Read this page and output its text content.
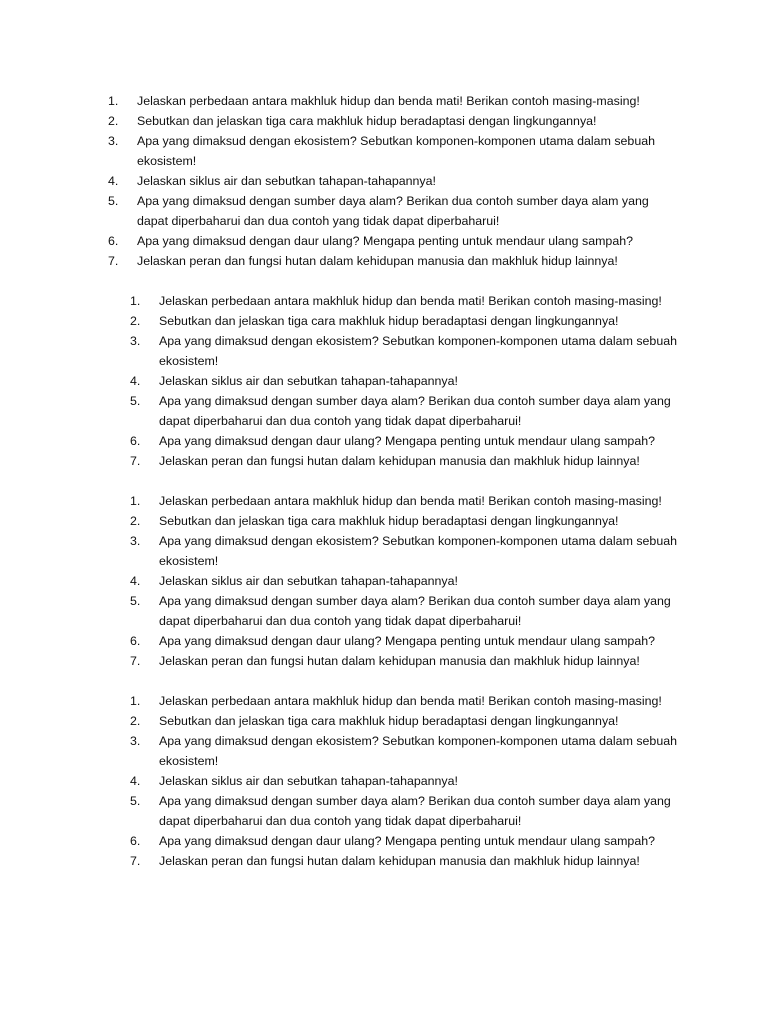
1.	Jelaskan perbedaan antara makhluk hidup dan benda mati! Berikan contoh masing-masing!
2.	Sebutkan dan jelaskan tiga cara makhluk hidup beradaptasi dengan lingkungannya!
3.	Apa yang dimaksud dengan ekosistem? Sebutkan komponen-komponen utama dalam sebuah ekosistem!
4.	Jelaskan siklus air dan sebutkan tahapan-tahapannya!
5.	Apa yang dimaksud dengan sumber daya alam? Berikan dua contoh sumber daya alam yang dapat diperbaharui dan dua contoh yang tidak dapat diperbaharui!
6.	Apa yang dimaksud dengan daur ulang? Mengapa penting untuk mendaur ulang sampah?
7.	Jelaskan peran dan fungsi hutan dalam kehidupan manusia dan makhluk hidup lainnya!
1.	Jelaskan perbedaan antara makhluk hidup dan benda mati! Berikan contoh masing-masing!
2.	Sebutkan dan jelaskan tiga cara makhluk hidup beradaptasi dengan lingkungannya!
3.	Apa yang dimaksud dengan ekosistem? Sebutkan komponen-komponen utama dalam sebuah ekosistem!
4.	Jelaskan siklus air dan sebutkan tahapan-tahapannya!
5.	Apa yang dimaksud dengan sumber daya alam? Berikan dua contoh sumber daya alam yang dapat diperbaharui dan dua contoh yang tidak dapat diperbaharui!
6.	Apa yang dimaksud dengan daur ulang? Mengapa penting untuk mendaur ulang sampah?
7.	Jelaskan peran dan fungsi hutan dalam kehidupan manusia dan makhluk hidup lainnya!
1.	Jelaskan perbedaan antara makhluk hidup dan benda mati! Berikan contoh masing-masing!
2.	Sebutkan dan jelaskan tiga cara makhluk hidup beradaptasi dengan lingkungannya!
3.	Apa yang dimaksud dengan ekosistem? Sebutkan komponen-komponen utama dalam sebuah ekosistem!
4.	Jelaskan siklus air dan sebutkan tahapan-tahapannya!
5.	Apa yang dimaksud dengan sumber daya alam? Berikan dua contoh sumber daya alam yang dapat diperbaharui dan dua contoh yang tidak dapat diperbaharui!
6.	Apa yang dimaksud dengan daur ulang? Mengapa penting untuk mendaur ulang sampah?
7.	Jelaskan peran dan fungsi hutan dalam kehidupan manusia dan makhluk hidup lainnya!
1.	Jelaskan perbedaan antara makhluk hidup dan benda mati! Berikan contoh masing-masing!
2.	Sebutkan dan jelaskan tiga cara makhluk hidup beradaptasi dengan lingkungannya!
3.	Apa yang dimaksud dengan ekosistem? Sebutkan komponen-komponen utama dalam sebuah ekosistem!
4.	Jelaskan siklus air dan sebutkan tahapan-tahapannya!
5.	Apa yang dimaksud dengan sumber daya alam? Berikan dua contoh sumber daya alam yang dapat diperbaharui dan dua contoh yang tidak dapat diperbaharui!
6.	Apa yang dimaksud dengan daur ulang? Mengapa penting untuk mendaur ulang sampah?
7.	Jelaskan peran dan fungsi hutan dalam kehidupan manusia dan makhluk hidup lainnya!
